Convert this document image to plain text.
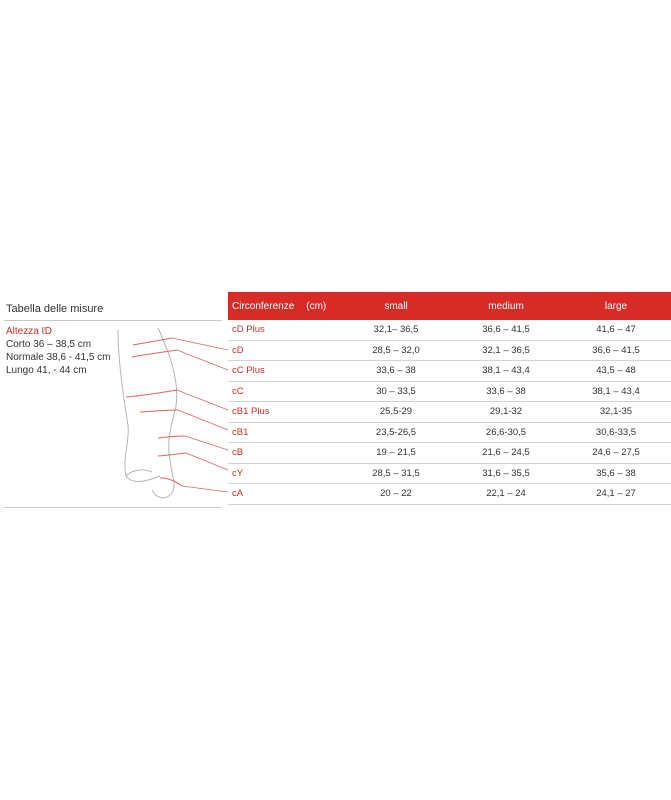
Tabella delle misure
Altezza ℓD
Corto 36 – 38,5 cm
Normale 38,6 - 41,5 cm
Lungo 41, - 44 cm
Circonferenze (cm)	small	medium	large
cD Plus	32,1– 36,5	36,6 – 41,5	41,6 – 47
cD	28,5 – 32,0	32,1 – 36,5	36,6 – 41,5
cC Plus	33,6 – 38	38,1 – 43,4	43,5 – 48
cC	30 – 33,5	33,6 – 38	38,1 – 43,4
cB1 Plus	25,5-29	29,1-32	32,1-35
cB1	23,5-26,5	26,6-30,5	30,6-33,5
cB	19 – 21,5	21,6 – 24,5	24,6 – 27,5
cY	28,5 – 31,5	31,6 – 35,5	35,6 – 38
cA	20 – 22	22,1 – 24	24,1 – 27
